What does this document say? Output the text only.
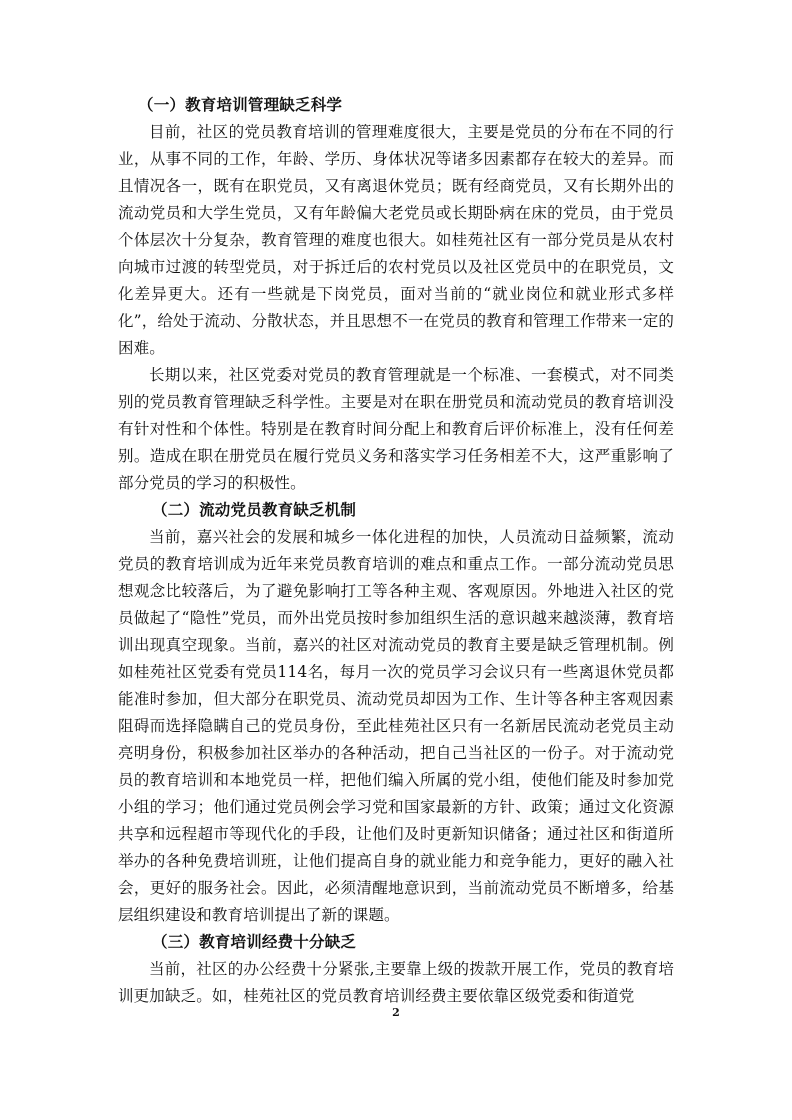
（一）教育培训管理缺乏科学

目前，社区的党员教育培训的管理难度很大，主要是党员的分布在不同的行业，从事不同的工作，年龄、学历、身体状况等诸多因素都存在较大的差异。而且情况各一，既有在职党员，又有离退休党员；既有经商党员，又有长期外出的流动党员和大学生党员，又有年龄偏大老党员或长期卧病在床的党员，由于党员个体层次十分复杂，教育管理的难度也很大。如桂苑社区有一部分党员是从农村向城市过渡的转型党员，对于拆迁后的农村党员以及社区党员中的在职党员，文化差异更大。还有一些就是下岗党员，面对当前的“就业岗位和就业形式多样化”，给处于流动、分散状态，并且思想不一在党员的教育和管理工作带来一定的困难。

长期以来，社区党委对党员的教育管理就是一个标准、一套模式，对不同类别的党员教育管理缺乏科学性。主要是对在职在册党员和流动党员的教育培训没有针对性和个体性。特别是在教育时间分配上和教育后评价标准上，没有任何差别。造成在职在册党员在履行党员义务和落实学习任务相差不大，这严重影响了部分党员的学习的积极性。

（二）流动党员教育缺乏机制

当前，嘉兴社会的发展和城乡一体化进程的加快，人员流动日益频繁，流动党员的教育培训成为近年来党员教育培训的难点和重点工作。一部分流动党员思想观念比较落后，为了避免影响打工等各种主观、客观原因。外地进入社区的党员做起了“隐性”党员，而外出党员按时参加组织生活的意识越来越淡薄，教育培训出现真空现象。当前，嘉兴的社区对流动党员的教育主要是缺乏管理机制。例如桂苑社区党委有党员114名，每月一次的党员学习会议只有一些离退休党员都能准时参加，但大部分在职党员、流动党员却因为工作、生计等各种主客观因素阻碍而选择隐瞒自己的党员身份，至此桂苑社区只有一名新居民流动老党员主动亮明身份，积极参加社区举办的各种活动，把自己当社区的一份子。对于流动党员的教育培训和本地党员一样，把他们编入所属的党小组，使他们能及时参加党小组的学习；他们通过党员例会学习党和国家最新的方针、政策；通过文化资源共享和远程超市等现代化的手段，让他们及时更新知识储备；通过社区和街道所举办的各种免费培训班，让他们提高自身的就业能力和竞争能力，更好的融入社会，更好的服务社会。因此，必须清醒地意识到，当前流动党员不断增多，给基层组织建设和教育培训提出了新的课题。

（三）教育培训经费十分缺乏

当前，社区的办公经费十分紧张,主要靠上级的拨款开展工作，党员的教育培训更加缺乏。如，桂苑社区的党员教育培训经费主要依靠区级党委和街道党

2
